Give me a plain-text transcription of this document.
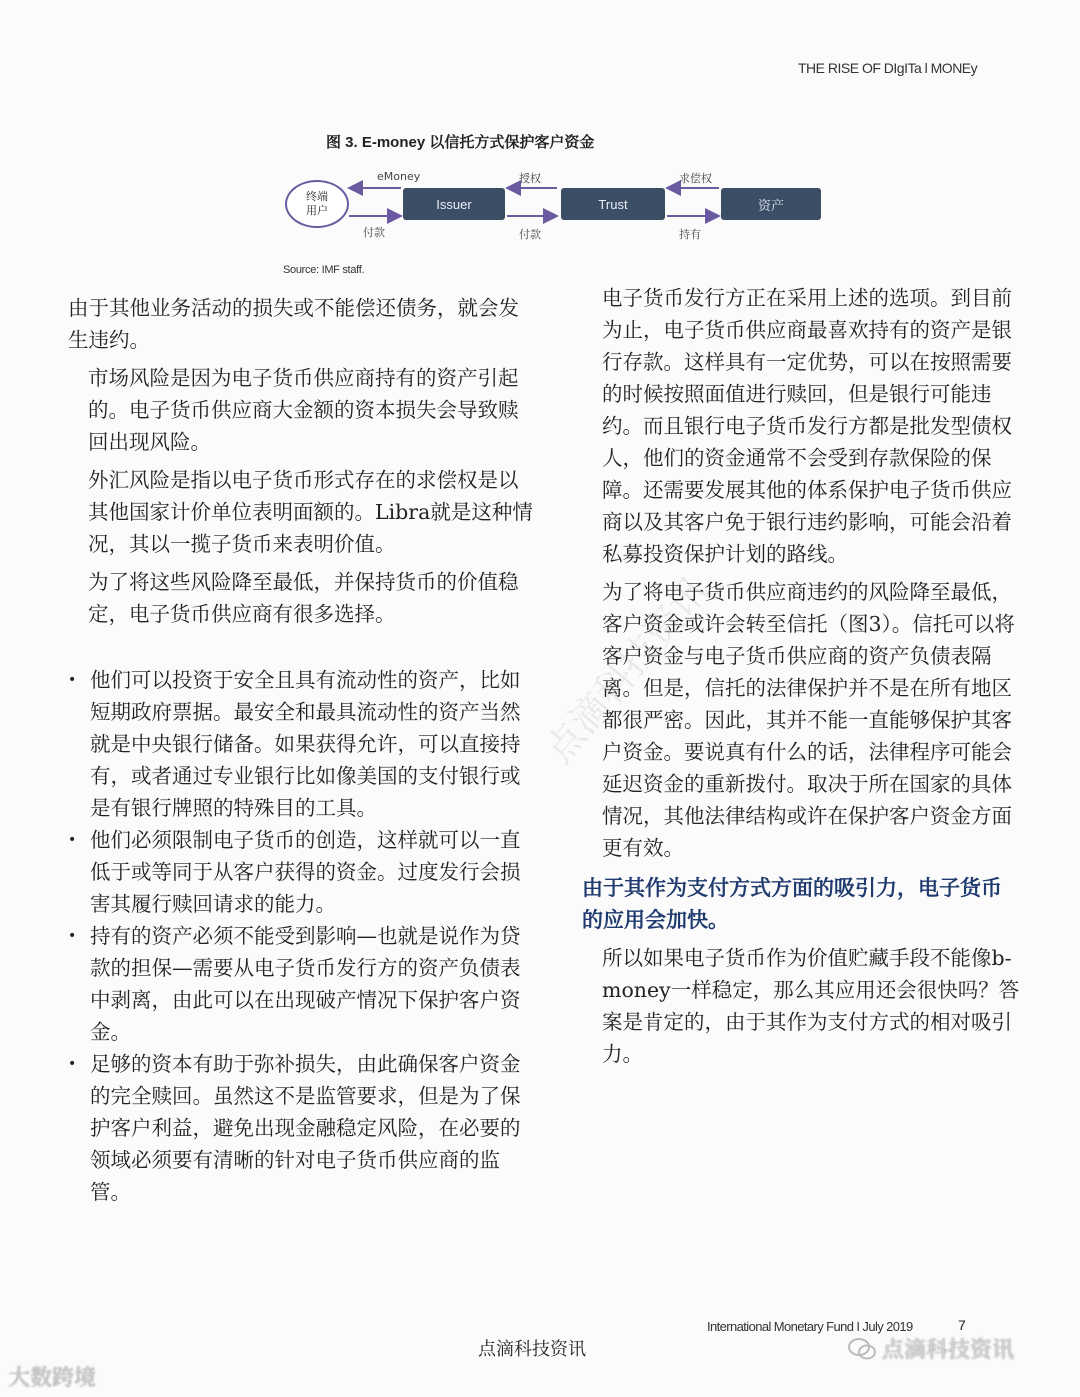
THE RISE OF DIgITa l MONEy
图 3. E-money 以信托方式保护客户资金
终端
用户	Issuer	Trust	资产
eMoney
付款
授权
付款
求偿权
持有
Source: IMF staff.
点滴科技资讯

由于其他业务活动的损失或不能偿还债务，就会发生违约。

市场风险是因为电子货币供应商持有的资产引起的。电子货币供应商大金额的资本损失会导致赎回出现风险。

外汇风险是指以电子货币形式存在的求偿权是以其他国家计价单位表明面额的。Libra就是这种情况，其以一揽子货币来表明价值。

为了将这些风险降至最低，并保持货币的价值稳定，电子货币供应商有很多选择。

• 他们可以投资于安全且具有流动性的资产，比如短期政府票据。最安全和最具流动性的资产当然就是中央银行储备。如果获得允许，可以直接持有，或者通过专业银行比如像美国的支付银行或是有银行牌照的特殊目的工具。
• 他们必须限制电子货币的创造，这样就可以一直低于或等同于从客户获得的资金。过度发行会损害其履行赎回请求的能力。
• 持有的资产必须不能受到影响—也就是说作为贷款的担保—需要从电子货币发行方的资产负债表中剥离，由此可以在出现破产情况下保护客户资金。
• 足够的资本有助于弥补损失，由此确保客户资金的完全赎回。虽然这不是监管要求，但是为了保护客户利益，避免出现金融稳定风险，在必要的领域必须要有清晰的针对电子货币供应商的监管。

电子货币发行方正在采用上述的选项。到目前为止，电子货币供应商最喜欢持有的资产是银行存款。这样具有一定优势，可以在按照需要的时候按照面值进行赎回，但是银行可能违约。而且银行电子货币发行方都是批发型债权人，他们的资金通常不会受到存款保险的保障。还需要发展其他的体系保护电子货币供应商以及其客户免于银行违约影响，可能会沿着私募投资保护计划的路线。

为了将电子货币供应商违约的风险降至最低，客户资金或许会转至信托（图3）。信托可以将客户资金与电子货币供应商的资产负债表隔离。但是，信托的法律保护并不是在所有地区都很严密。因此，其并不能一直能够保护其客户资金。要说真有什么的话，法律程序可能会延迟资金的重新拨付。取决于所在国家的具体情况，其他法律结构或许在保护客户资金方面更有效。

由于其作为支付方式方面的吸引力，电子货币的应用会加快。

所以如果电子货币作为价值贮藏手段不能像b-money一样稳定，那么其应用还会很快吗？答案是肯定的，由于其作为支付方式的相对吸引力。

International Monetary Fund I July 2019	7
点滴科技资讯
大数跨境
点滴科技资讯
